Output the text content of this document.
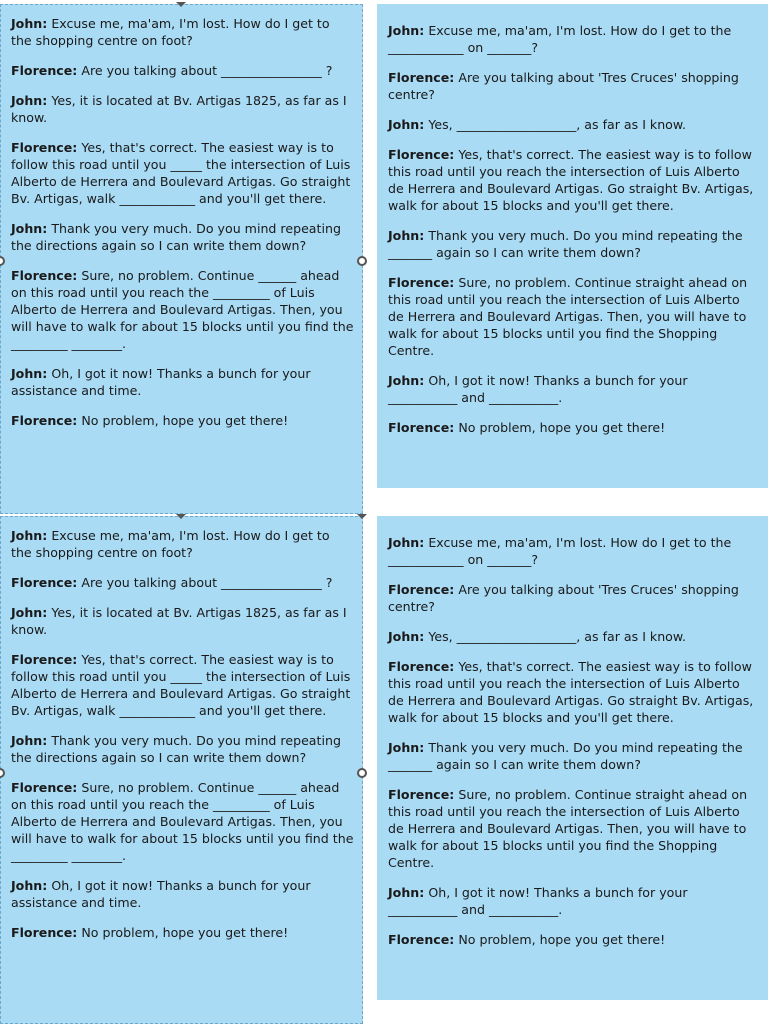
John: Excuse me, ma'am, I'm lost. How do I get to the shopping centre on foot?
Florence: Are you talking about ________________ ?
John: Yes, it is located at Bv. Artigas 1825, as far as I know.
Florence: Yes, that's correct. The easiest way is to follow this road until you _____ the intersection of Luis Alberto de Herrera and Boulevard Artigas. Go straight Bv. Artigas, walk ____________ and you'll get there.
John: Thank you very much. Do you mind repeating the directions again so I can write them down?
Florence: Sure, no problem. Continue ______ ahead on this road until you reach the _________ of Luis Alberto de Herrera and Boulevard Artigas. Then, you will have to walk for about 15 blocks until you find the _________ ________.
John: Oh, I got it now! Thanks a bunch for your assistance and time.
Florence: No problem, hope you get there!
John: Excuse me, ma'am, I'm lost. How do I get to the ____________ on _______?
Florence: Are you talking about 'Tres Cruces' shopping centre?
John: Yes, ___________________, as far as I know.
Florence: Yes, that's correct. The easiest way is to follow this road until you reach the intersection of Luis Alberto de Herrera and Boulevard Artigas. Go straight Bv. Artigas, walk for about 15 blocks and you'll get there.
John: Thank you very much. Do you mind repeating the _______ again so I can write them down?
Florence: Sure, no problem. Continue straight ahead on this road until you reach the intersection of Luis Alberto de Herrera and Boulevard Artigas. Then, you will have to walk for about 15 blocks until you find the Shopping Centre.
John: Oh, I got it now! Thanks a bunch for your ___________ and ___________.
Florence: No problem, hope you get there!
John: Excuse me, ma'am, I'm lost. How do I get to the shopping centre on foot?
Florence: Are you talking about ________________ ?
John: Yes, it is located at Bv. Artigas 1825, as far as I know.
Florence: Yes, that's correct. The easiest way is to follow this road until you _____ the intersection of Luis Alberto de Herrera and Boulevard Artigas. Go straight Bv. Artigas, walk ____________ and you'll get there.
John: Thank you very much. Do you mind repeating the directions again so I can write them down?
Florence: Sure, no problem. Continue ______ ahead on this road until you reach the _________ of Luis Alberto de Herrera and Boulevard Artigas. Then, you will have to walk for about 15 blocks until you find the _________ ________.
John: Oh, I got it now! Thanks a bunch for your assistance and time.
Florence: No problem, hope you get there!
John: Excuse me, ma'am, I'm lost. How do I get to the ____________ on _______?
Florence: Are you talking about 'Tres Cruces' shopping centre?
John: Yes, ___________________, as far as I know.
Florence: Yes, that's correct. The easiest way is to follow this road until you reach the intersection of Luis Alberto de Herrera and Boulevard Artigas. Go straight Bv. Artigas, walk for about 15 blocks and you'll get there.
John: Thank you very much. Do you mind repeating the _______ again so I can write them down?
Florence: Sure, no problem. Continue straight ahead on this road until you reach the intersection of Luis Alberto de Herrera and Boulevard Artigas. Then, you will have to walk for about 15 blocks until you find the Shopping Centre.
John: Oh, I got it now! Thanks a bunch for your ___________ and ___________.
Florence: No problem, hope you get there!
